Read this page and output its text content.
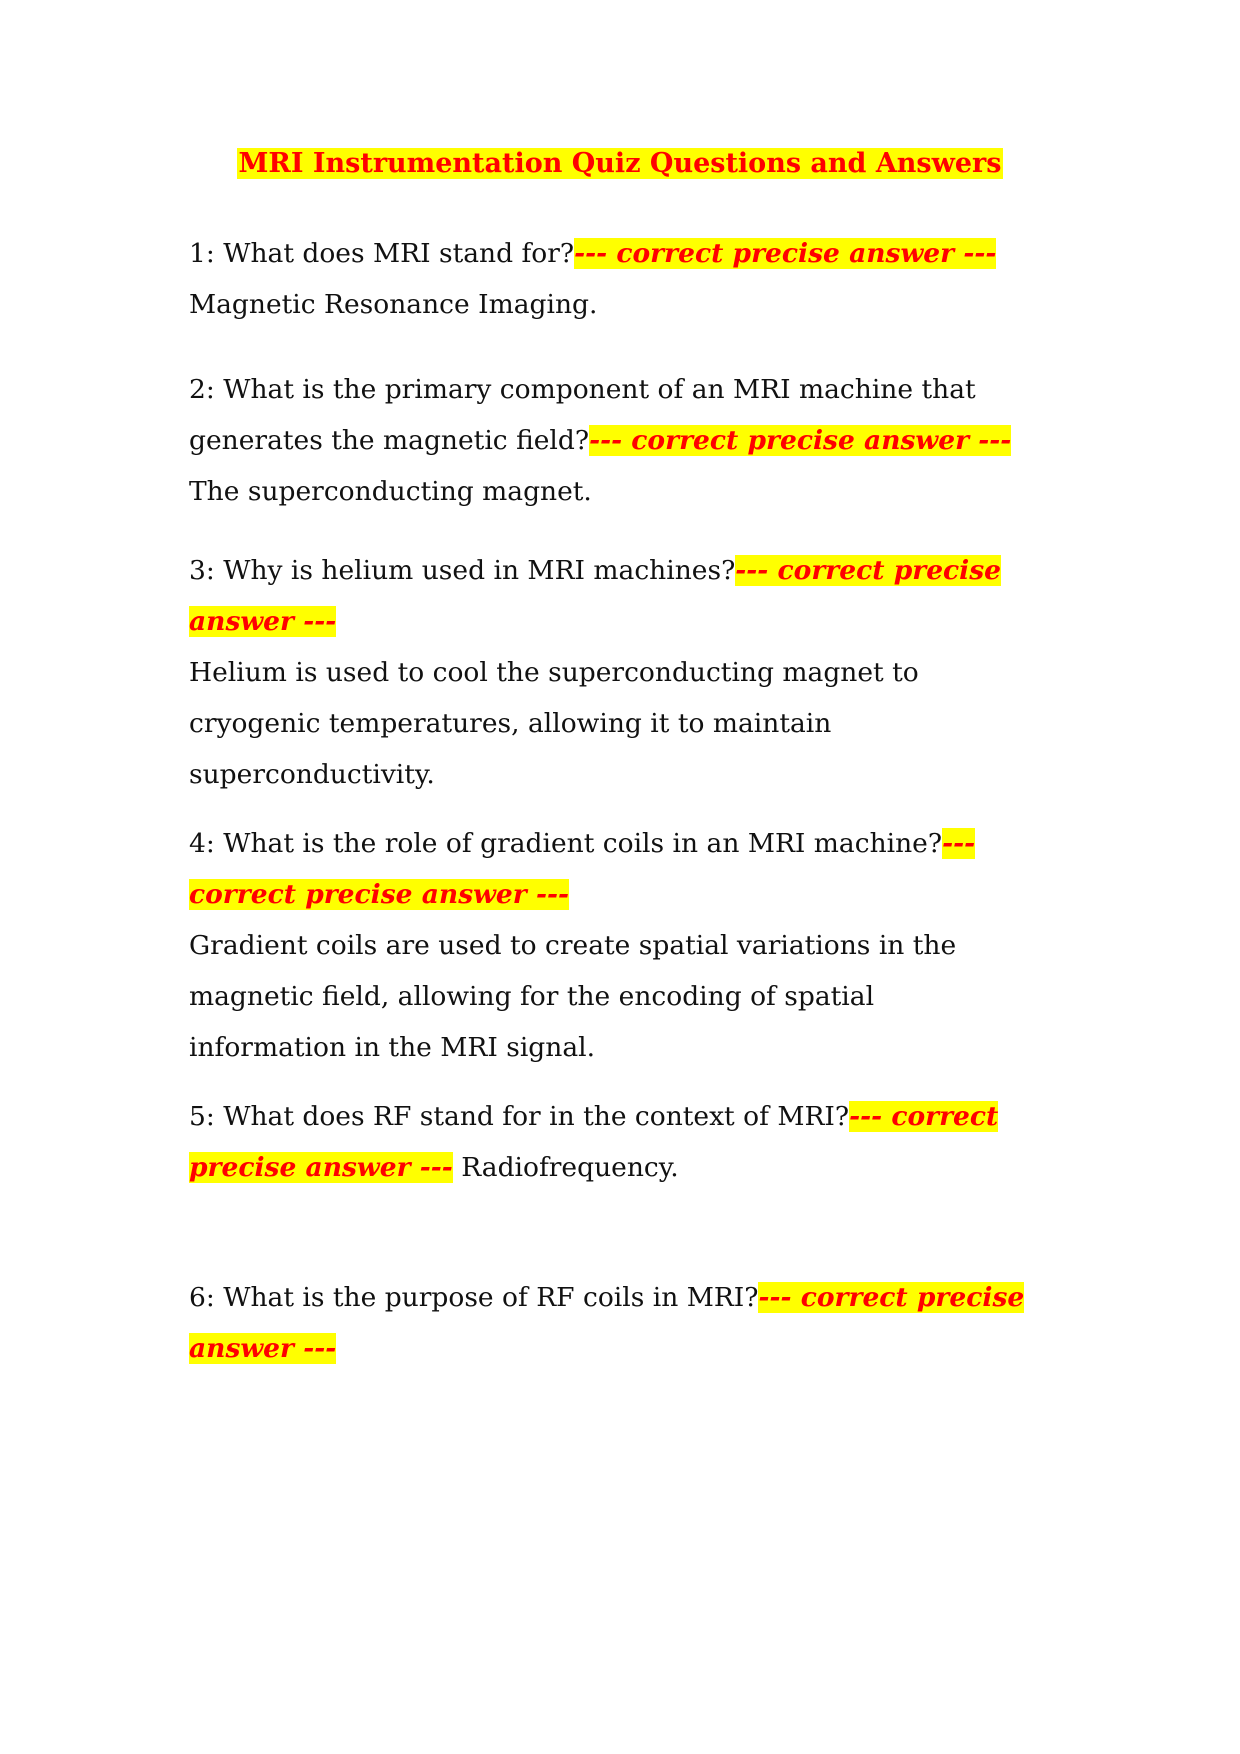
MRI Instrumentation Quiz Questions and Answers
1: What does MRI stand for?--- correct precise answer ---
Magnetic Resonance Imaging.
2: What is the primary component of an MRI machine that
generates the magnetic field?--- correct precise answer ---
The superconducting magnet.
3: Why is helium used in MRI machines?--- correct precise
answer ---
Helium is used to cool the superconducting magnet to
cryogenic temperatures, allowing it to maintain
superconductivity.
4: What is the role of gradient coils in an MRI machine?---
correct precise answer ---
Gradient coils are used to create spatial variations in the
magnetic field, allowing for the encoding of spatial
information in the MRI signal.
5: What does RF stand for in the context of MRI?--- correct
precise answer --- Radiofrequency.
6: What is the purpose of RF coils in MRI?--- correct precise
answer ---
